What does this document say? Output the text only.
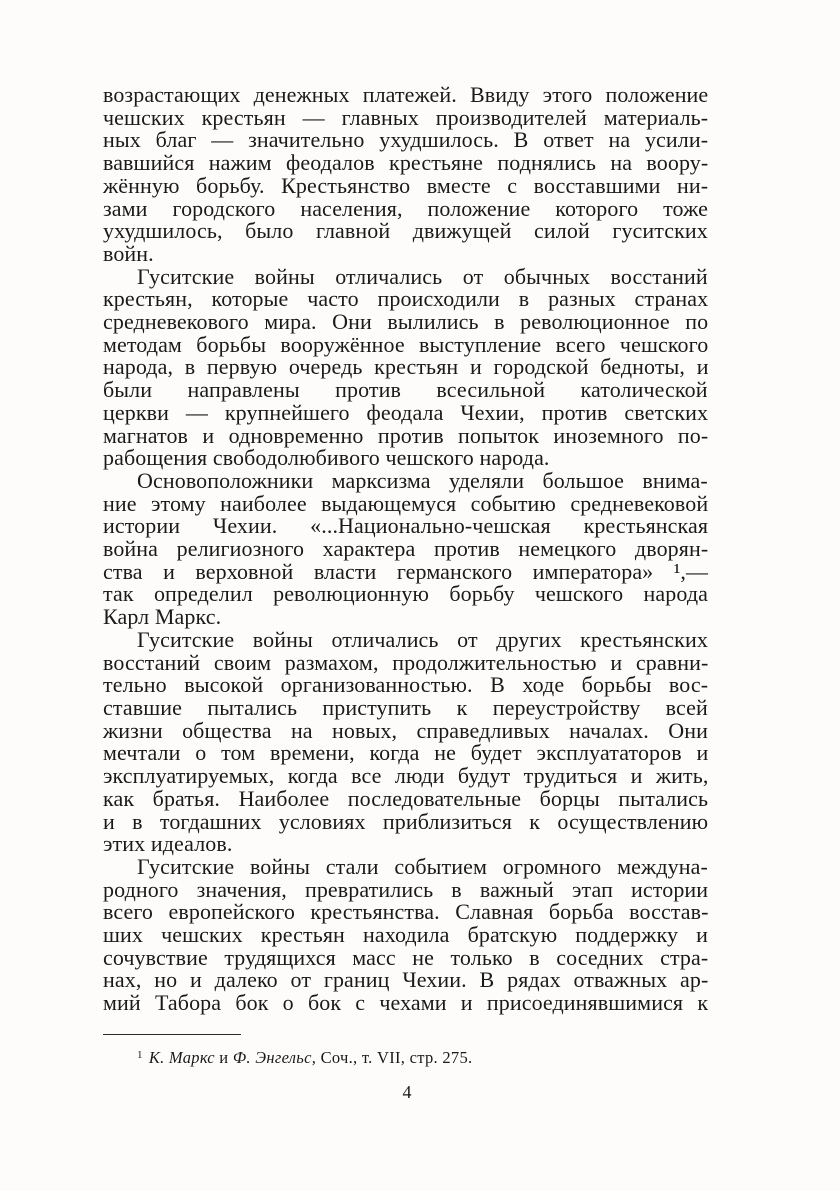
возрастающих денежных платежей. Ввиду этого положение
чешских крестьян — главных производителей материаль-
ных благ — значительно ухудшилось. В ответ на усили-
вавшийся нажим феодалов крестьяне поднялись на воору-
жённую борьбу. Крестьянство вместе с восставшими ни-
зами городского населения, положение которого тоже
ухудшилось, было главной движущей силой гуситских
войн.
Гуситские войны отличались от обычных восстаний
крестьян, которые часто происходили в разных странах
средневекового мира. Они вылились в революционное по
методам борьбы вооружённое выступление всего чешского
народа, в первую очередь крестьян и городской бедноты, и
были направлены против всесильной католической
церкви — крупнейшего феодала Чехии, против светских
магнатов и одновременно против попыток иноземного по-
рабощения свободолюбивого чешского народа.
Основоположники марксизма уделяли большое внима-
ние этому наиболее выдающемуся событию средневековой
истории Чехии. «...Национально-чешская крестьянская
война религиозного характера против немецкого дворян-
ства и верховной власти германского императора» ¹,—
так определил революционную борьбу чешского народа
Карл Маркс.
Гуситские войны отличались от других крестьянских
восстаний своим размахом, продолжительностью и сравни-
тельно высокой организованностью. В ходе борьбы вос-
ставшие пытались приступить к переустройству всей
жизни общества на новых, справедливых началах. Они
мечтали о том времени, когда не будет эксплуататоров и
эксплуатируемых, когда все люди будут трудиться и жить,
как братья. Наиболее последовательные борцы пытались
и в тогдашних условиях приблизиться к осуществлению
этих идеалов.
Гуситские войны стали событием огромного междуна-
родного значения, превратились в важный этап истории
всего европейского крестьянства. Славная борьба восстав-
ших чешских крестьян находила братскую поддержку и
сочувствие трудящихся масс не только в соседних стра-
нах, но и далеко от границ Чехии. В рядах отважных ар-
мий Табора бок о бок с чехами и присоединявшимися к
$^1$ К. Маркс и Ф. Энгельс, Соч., т. VII, стр. 275.
4
